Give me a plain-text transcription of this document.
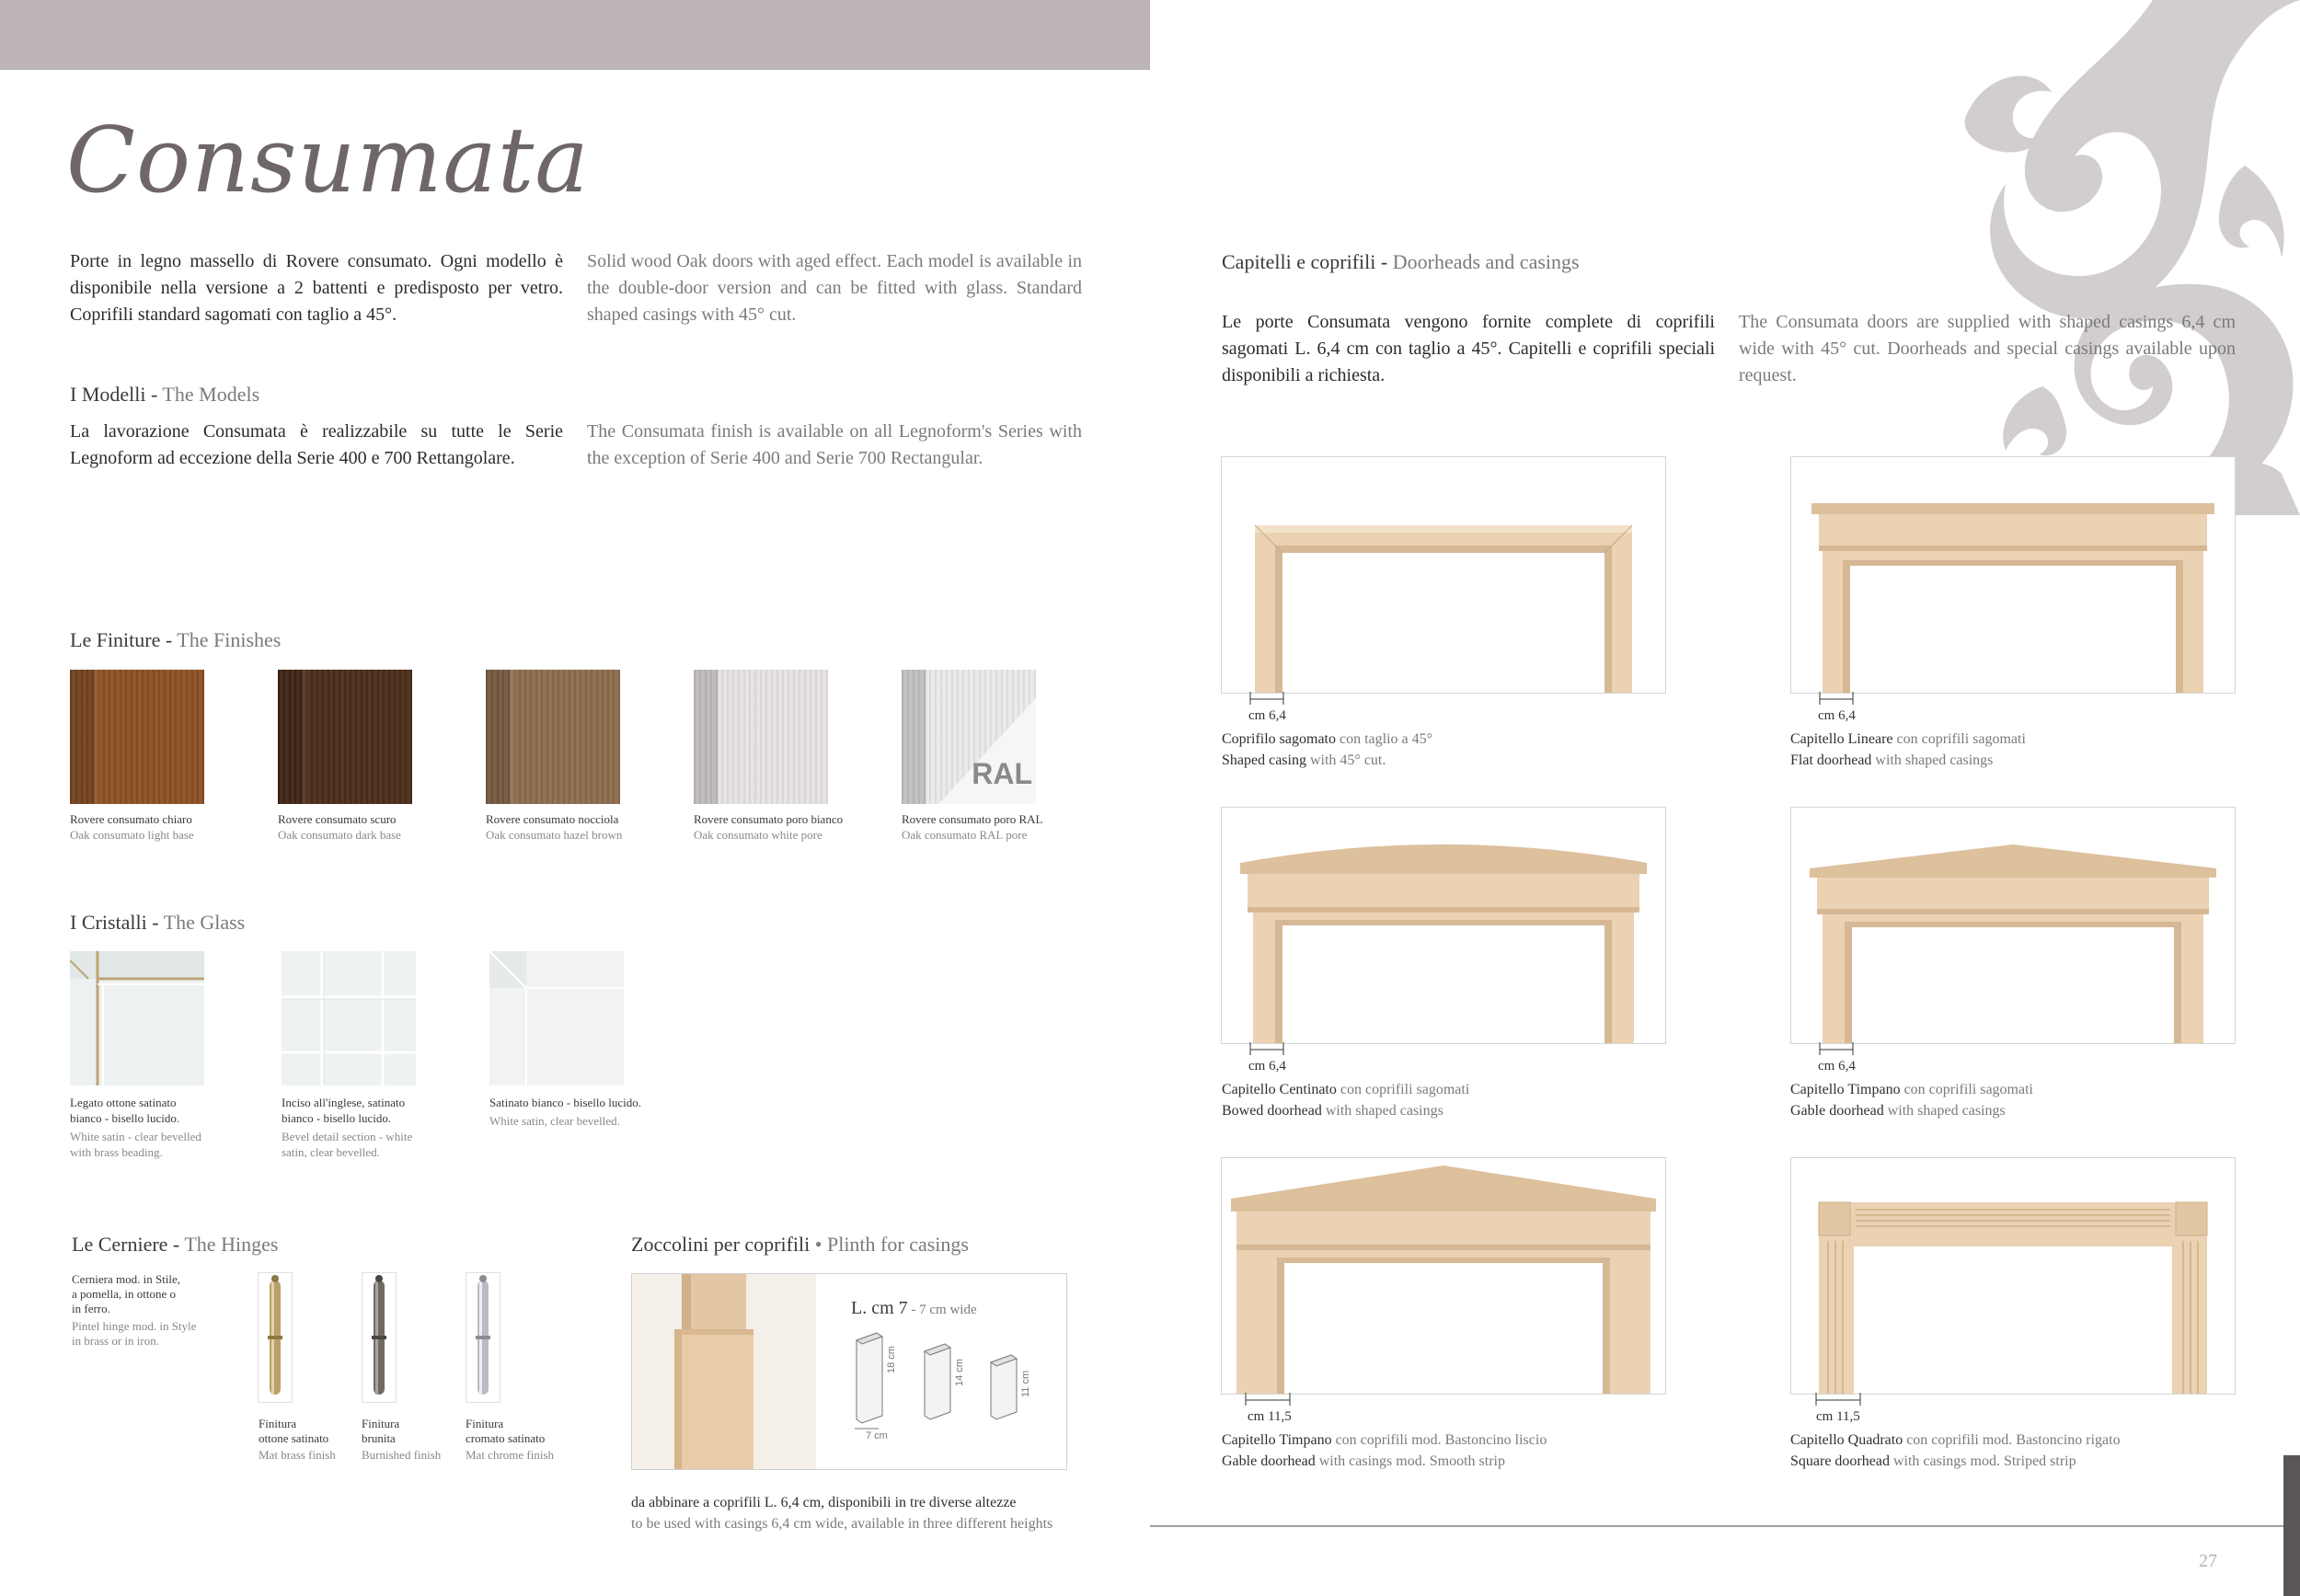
Consumata
Porte in legno massello di Rovere consumato. Ogni modello è disponibile nella versione a 2 battenti e predisposto per vetro. Coprifili standard sagomati con taglio a 45°.
Solid wood Oak doors with aged effect. Each model is available in the double-door version and can be fitted with glass. Standard shaped casings with 45° cut.
I Modelli - The Models
La lavorazione Consumata è realizzabile su tutte le Serie Legnoform ad eccezione della Serie 400 e 700 Rettangolare.
The Consumata finish is available on all Legnoform's Series with the exception of Serie 400 and Serie 700 Rectangular.
Le Finiture - The Finishes
RAL
Rovere consumato chiaro
Oak consumato light base
Rovere consumato scuro
Oak consumato dark base
Rovere consumato nocciola
Oak consumato hazel brown
Rovere consumato poro bianco
Oak consumato white pore
Rovere consumato poro RAL
Oak consumato RAL pore
I Cristalli - The Glass
Legato ottone satinato
bianco - bisello lucido.
White satin - clear bevelled
with brass beading.
Inciso all'inglese, satinato
bianco - bisello lucido.
Bevel detail section - white
satin, clear bevelled.
Satinato bianco - bisello lucido.
White satin, clear bevelled.
Le Cerniere - The Hinges
Cerniera mod. in Stile,
a pomella, in ottone o
in ferro.
Pintel hinge mod. in Style
in brass or in iron.
Finitura
ottone satinato
Mat brass finish
Finitura
brunita
Burnished finish
Finitura
cromato satinato
Mat chrome finish
Zoccolini per coprifili • Plinth for casings
L. cm 7 - 7 cm wide
18 cm	14 cm	11 cm
7 cm
da abbinare a coprifili L. 6,4 cm, disponibili in tre diverse altezze
to be used with casings 6,4 cm wide, available in three different heights
Capitelli e coprifili - Doorheads and casings
Le porte Consumata vengono fornite complete di coprifili sagomati L. 6,4 cm con taglio a 45°. Capitelli e coprifili speciali disponibili a richiesta.
The Consumata doors are supplied with shaped casings 6,4 cm wide with 45° cut. Doorheads and special casings available upon request.
cm 6,4
Coprifilo sagomato con taglio a 45°
Shaped casing with 45° cut.
cm 6,4
Capitello Lineare con coprifili sagomati
Flat doorhead with shaped casings
cm 6,4
Capitello Centinato con coprifili sagomati
Bowed doorhead with shaped casings
cm 6,4
Capitello Timpano con coprifili sagomati
Gable doorhead with shaped casings
cm 11,5
Capitello Timpano con coprifili mod. Bastoncino liscio
Gable doorhead with casings mod. Smooth strip
cm 11,5
Capitello Quadrato con coprifili mod. Bastoncino rigato
Square doorhead with casings mod. Striped strip
27
